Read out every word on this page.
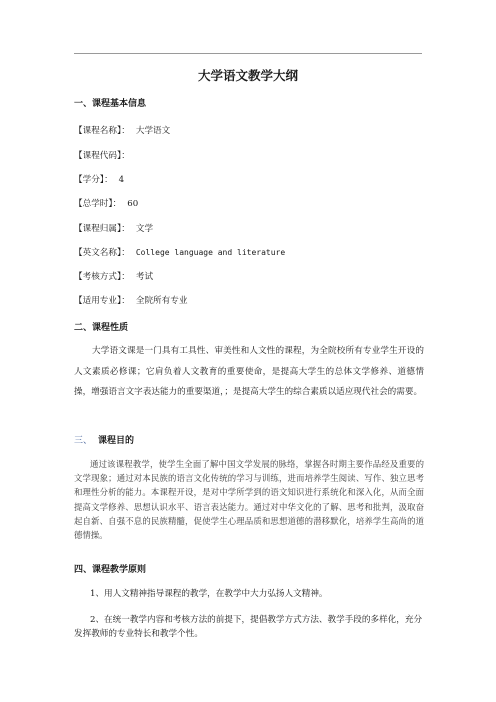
大学语文教学大纲
一、课程基本信息
【课程名称】： 大学语文
【课程代码】：
【学分】： 4
【总学时】： 60
【课程归属】： 文学
【英文名称】： College language and literature
【考核方式】： 考试
【适用专业】： 全院所有专业
二、课程性质

大学语文课是一门具有工具性、审美性和人文性的课程，为全院校所有专业学生开设的人文素质必修课；它肩负着人文教育的重要使命，是提高大学生的总体文学修养、道德情操，增强语言文字表达能力的重要渠道，；是提高大学生的综合素质以适应现代社会的需要。

三、 课程目的

通过该课程教学，使学生全面了解中国文学发展的脉络，掌握各时期主要作品经及重要的文学现象；通过对本民族的语言文化传统的学习与训练，进而培养学生阅读、写作、独立思考和理性分析的能力。本课程开设，是对中学所学到的语文知识进行系统化和深入化，从而全面提高文学修养、思想认识水平、语言表达能力。通过对中华文化的了解、思考和批判，汲取奋起自新、自强不息的民族精髓，促使学生心理品质和思想道德的潜移默化，培养学生高尚的道德情操。

四、课程教学原则

1、用人文精神指导课程的教学，在教学中大力弘扬人文精神。

2、在统一教学内容和考核方法的前提下，提倡教学方式方法、教学手段的多样化，充分发挥教师的专业特长和教学个性。
